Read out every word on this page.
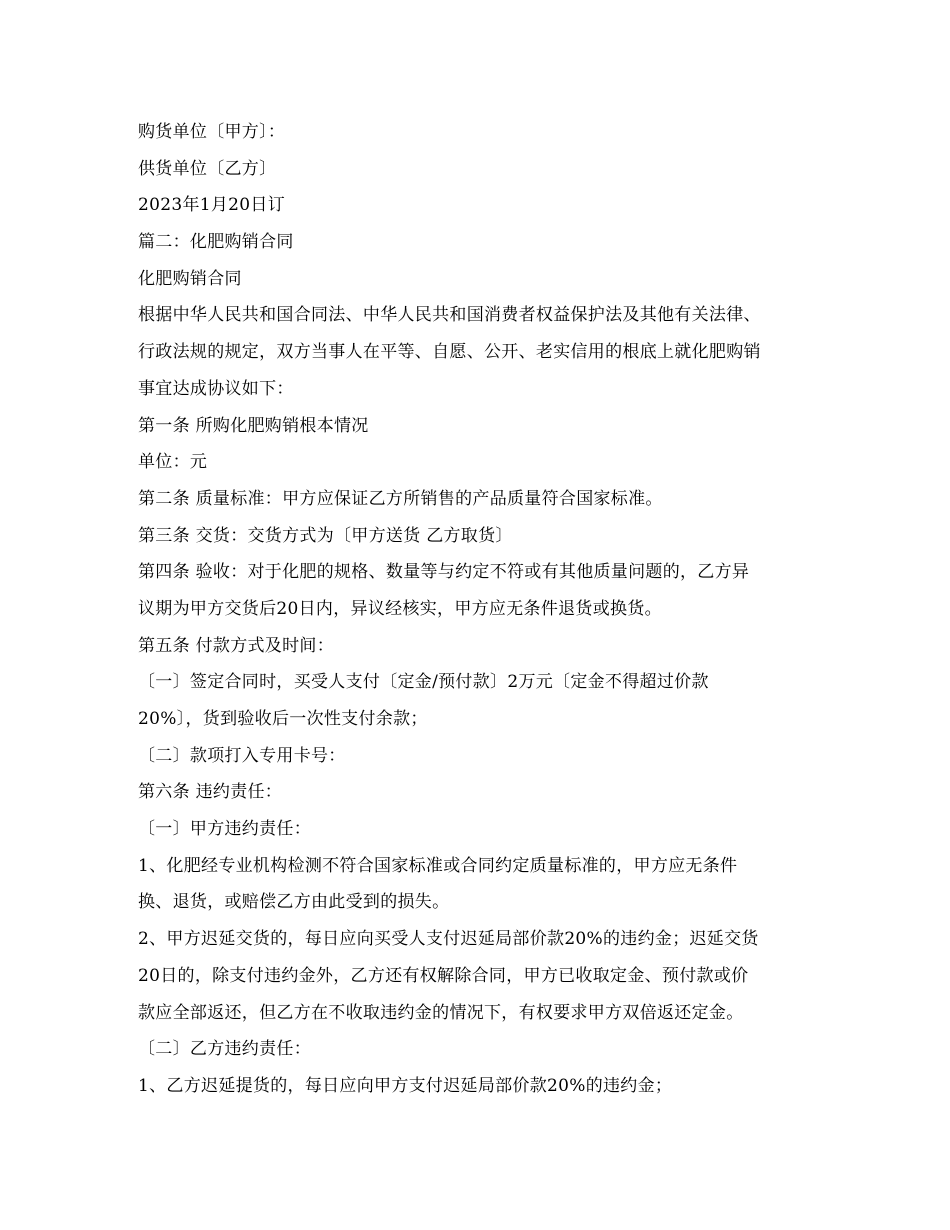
购货单位〔甲方〕：
供货单位〔乙方〕
2023年1月20日订
篇二：化肥购销合同
化肥购销合同
根据中华人民共和国合同法、中华人民共和国消费者权益保护法及其他有关法律、
行政法规的规定，双方当事人在平等、自愿、公开、老实信用的根底上就化肥购销
事宜达成协议如下：
第一条 所购化肥购销根本情况
单位：元
第二条 质量标准：甲方应保证乙方所销售的产品质量符合国家标准。
第三条 交货：交货方式为〔甲方送货 乙方取货〕
第四条 验收：对于化肥的规格、数量等与约定不符或有其他质量问题的，乙方异
议期为甲方交货后20日内，异议经核实，甲方应无条件退货或换货。
第五条 付款方式及时间：
〔一〕签定合同时，买受人支付〔定金/预付款〕2万元〔定金不得超过价款
20%〕，货到验收后一次性支付余款；
〔二〕款项打入专用卡号：
第六条 违约责任：
〔一〕甲方违约责任：
1、化肥经专业机构检测不符合国家标准或合同约定质量标准的，甲方应无条件
换、退货，或赔偿乙方由此受到的损失。
2、甲方迟延交货的，每日应向买受人支付迟延局部价款20%的违约金；迟延交货
20日的，除支付违约金外，乙方还有权解除合同，甲方已收取定金、预付款或价
款应全部返还，但乙方在不收取违约金的情况下，有权要求甲方双倍返还定金。
〔二〕乙方违约责任：
1、乙方迟延提货的，每日应向甲方支付迟延局部价款20%的违约金；
